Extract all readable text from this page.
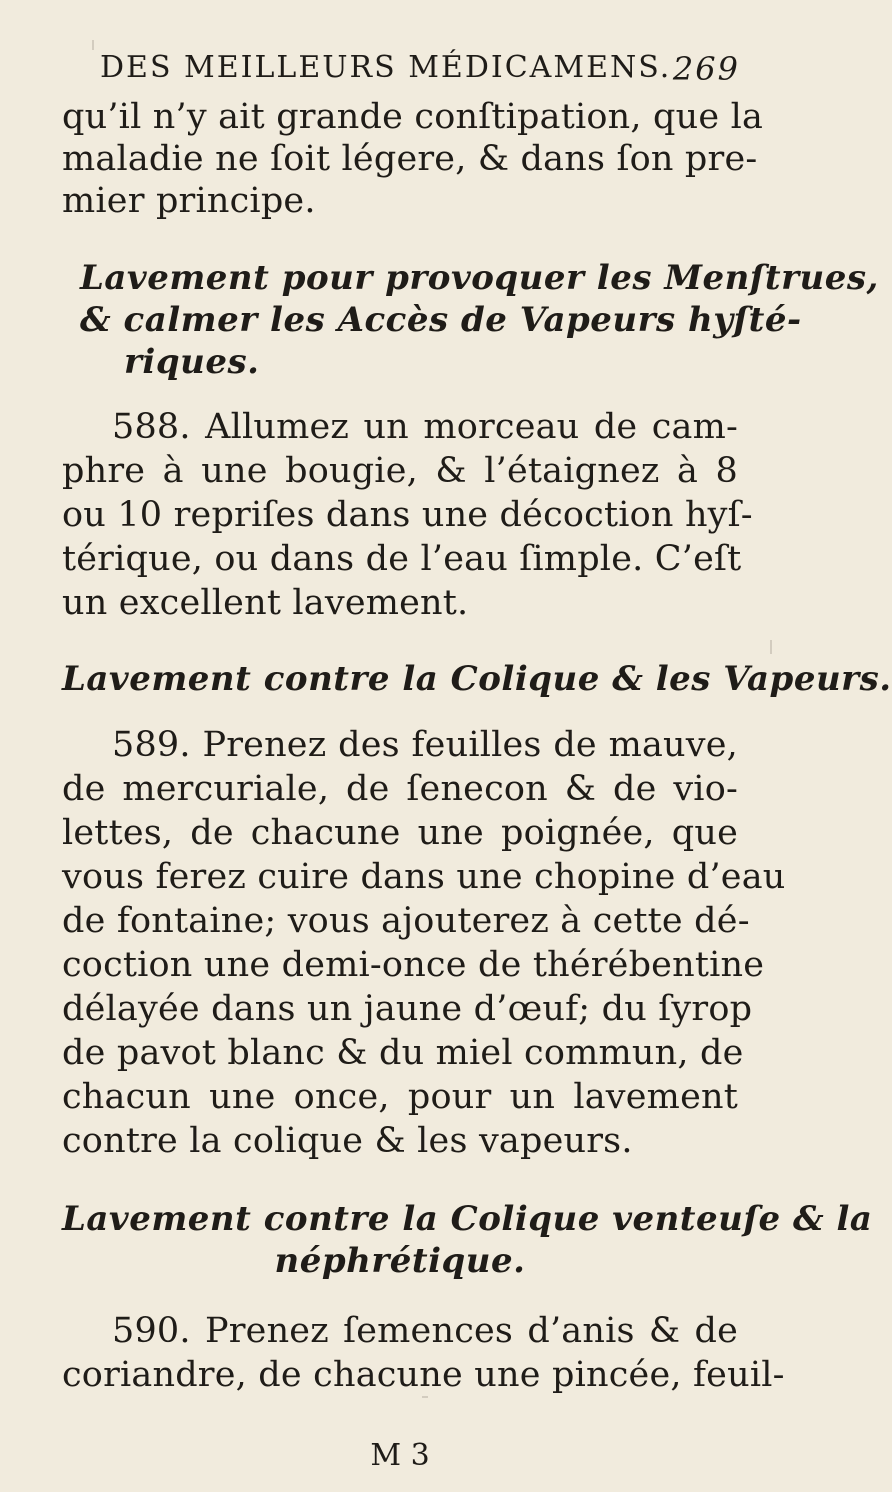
DES MEILLEURS MÉDICAMENS. 269
qu’il n’y ait grande conſtipation, que la
maladie ne ſoit légere, & dans ſon pre-
mier principe.
Lavement pour provoquer les Menſtrues,
& calmer les Accès de Vapeurs hyſté-
riques.
588. Allumez un morceau de cam-
phre à une bougie, & l’étaignez à 8
ou 10 repriſes dans une décoction hyſ-
térique, ou dans de l’eau ſimple. C’eſt
un excellent lavement.
Lavement contre la Colique & les Vapeurs.
589. Prenez des feuilles de mauve,
de mercuriale, de ſenecon & de vio-
lettes, de chacune une poignée, que
vous ferez cuire dans une chopine d’eau
de fontaine; vous ajouterez à cette dé-
coction une demi-once de thérébentine
délayée dans un jaune d’œuf; du ſyrop
de pavot blanc & du miel commun, de
chacun une once, pour un lavement
contre la colique & les vapeurs.
Lavement contre la Colique venteuſe & la
néphrétique.
590. Prenez ſemences d’anis & de
coriandre, de chacune une pincée, feuil-
M 3
